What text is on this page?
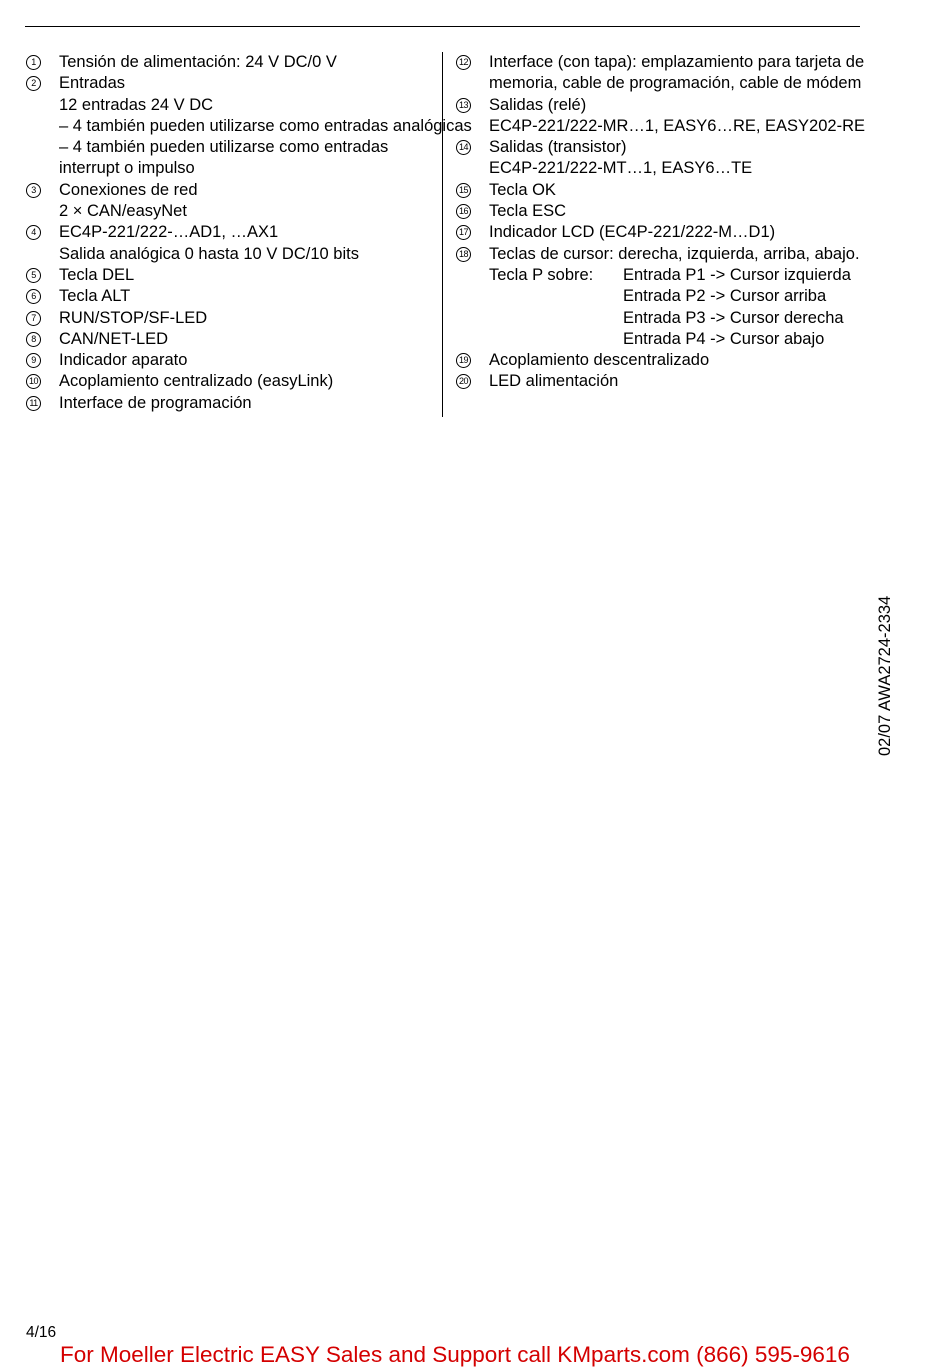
1	Tensión de alimentación: 24 V DC/0 V
2	Entradas
12 entradas 24 V DC
– 4 también pueden utilizarse como entradas analógicas
– 4 también pueden utilizarse como entradas
interrupt o impulso
3	Conexiones de red
2 × CAN/easyNet
4	EC4P-221/222-…AD1, …AX1
Salida analógica 0 hasta 10 V DC/10 bits
5	Tecla DEL
6	Tecla ALT
7	RUN/STOP/SF-LED
8	CAN/NET-LED
9	Indicador aparato
10 Acoplamiento centralizado (easyLink)
11 Interface de programación
12 Interface (con tapa): emplazamiento para tarjeta de
memoria, cable de programación, cable de módem
13 Salidas (relé)
EC4P-221/222-MR…1, EASY6…RE, EASY202-RE
14 Salidas (transistor)
EC4P-221/222-MT…1, EASY6…TE
15 Tecla OK
16 Tecla ESC
17 Indicador LCD (EC4P-221/222-M…D1)
18 Teclas de cursor: derecha, izquierda, arriba, abajo.
Tecla P sobre:	Entrada P1 -> Cursor izquierda
Entrada P2 -> Cursor arriba
Entrada P3 -> Cursor derecha
Entrada P4 -> Cursor abajo
19 Acoplamiento descentralizado
20 LED alimentación
02/07 AWA2724-2334
4/16
For Moeller Electric EASY Sales and Support call KMparts.com (866) 595-9616
